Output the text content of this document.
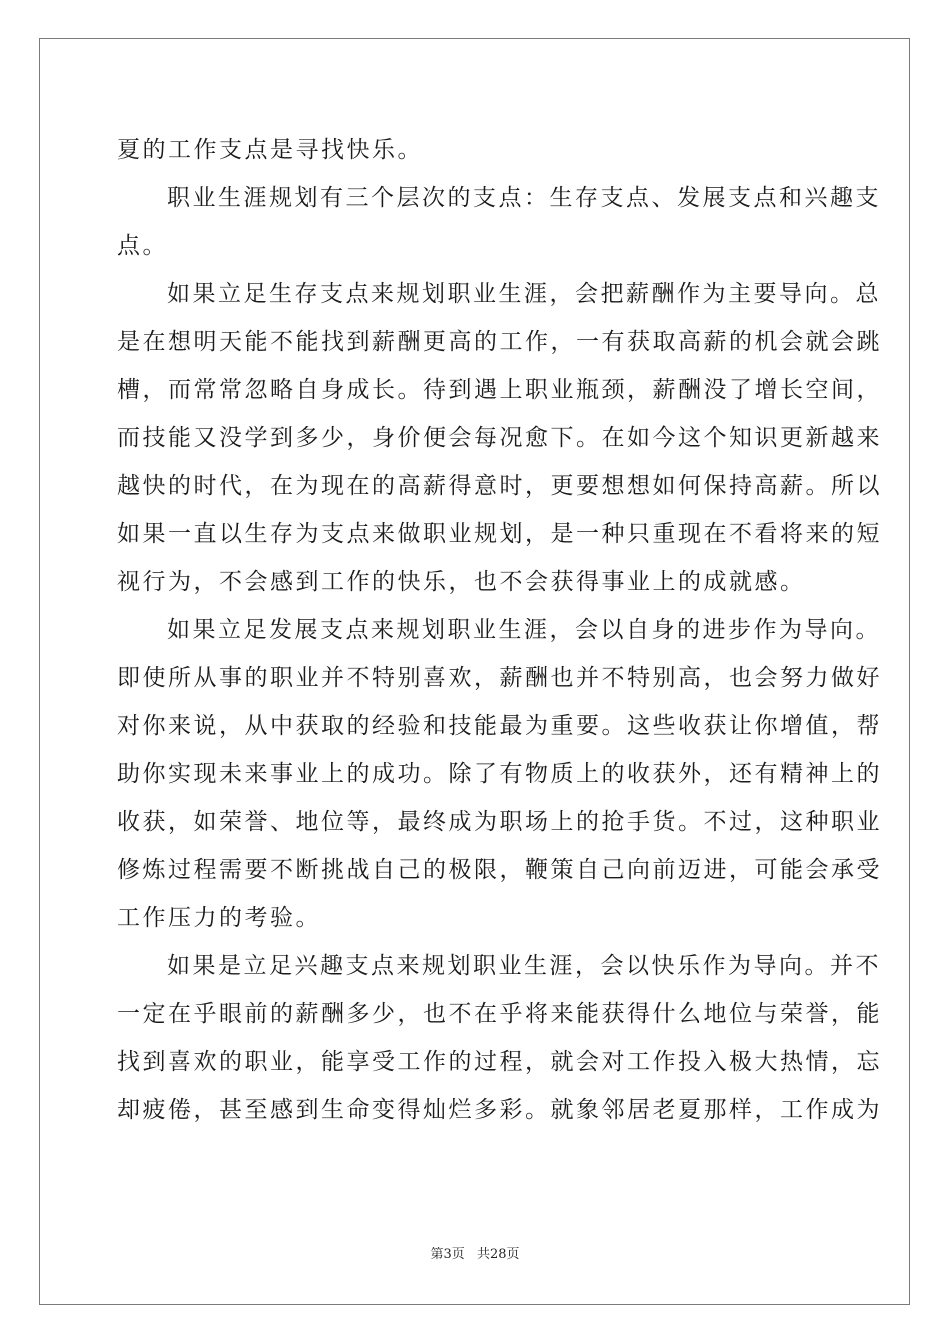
夏的工作支点是寻找快乐。
职业生涯规划有三个层次的支点：生存支点、发展支点和兴趣支
点。
如果立足生存支点来规划职业生涯，会把薪酬作为主要导向。总
是在想明天能不能找到薪酬更高的工作，一有获取高薪的机会就会跳
槽，而常常忽略自身成长。待到遇上职业瓶颈，薪酬没了增长空间，
而技能又没学到多少，身价便会每况愈下。在如今这个知识更新越来
越快的时代，在为现在的高薪得意时，更要想想如何保持高薪。所以
如果一直以生存为支点来做职业规划，是一种只重现在不看将来的短
视行为，不会感到工作的快乐，也不会获得事业上的成就感。
如果立足发展支点来规划职业生涯，会以自身的进步作为导向。
即使所从事的职业并不特别喜欢，薪酬也并不特别高，也会努力做好
对你来说，从中获取的经验和技能最为重要。这些收获让你增值，帮
助你实现未来事业上的成功。除了有物质上的收获外，还有精神上的
收获，如荣誉、地位等，最终成为职场上的抢手货。不过，这种职业
修炼过程需要不断挑战自己的极限，鞭策自己向前迈进，可能会承受
工作压力的考验。
如果是立足兴趣支点来规划职业生涯，会以快乐作为导向。并不
一定在乎眼前的薪酬多少，也不在乎将来能获得什么地位与荣誉，能
找到喜欢的职业，能享受工作的过程，就会对工作投入极大热情，忘
却疲倦，甚至感到生命变得灿烂多彩。就象邻居老夏那样，工作成为
第3页 共28页
